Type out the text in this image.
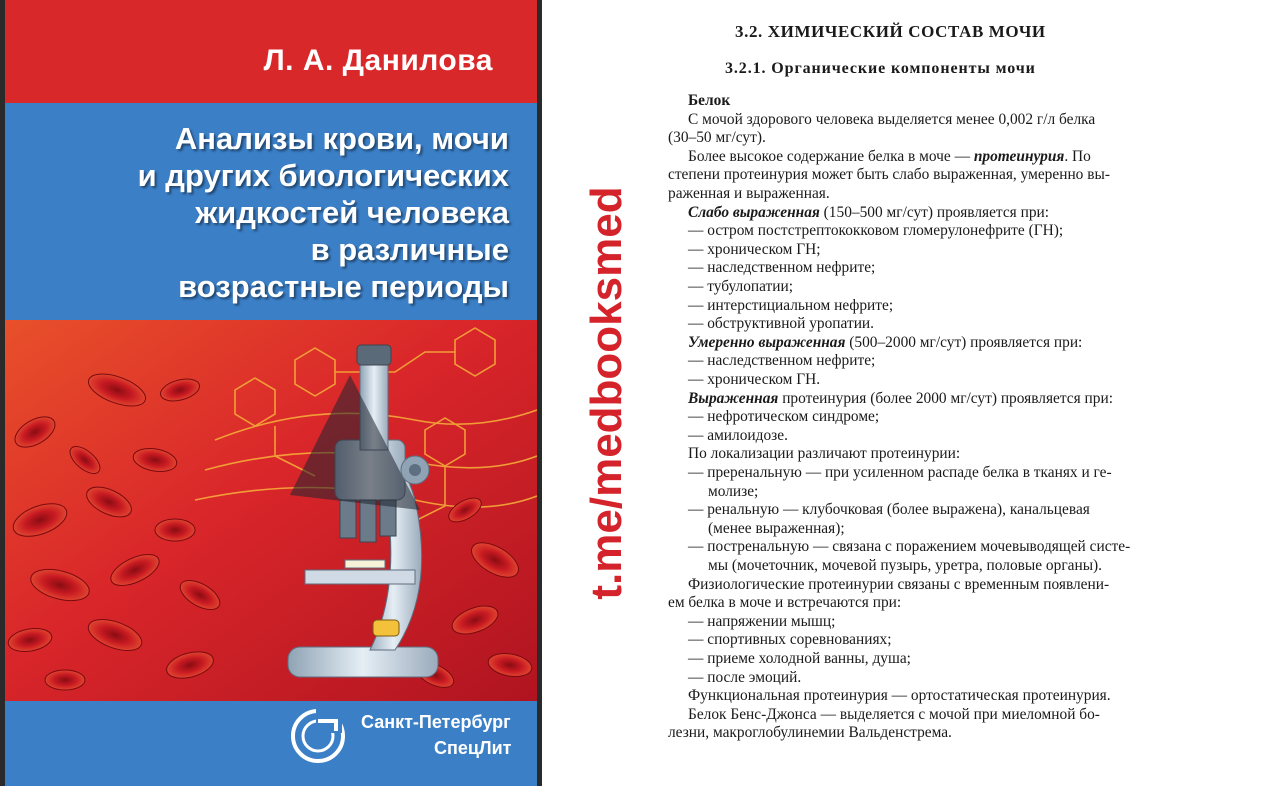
Л. А. Данилова
Анализы крови, мочи
и других биологических
жидкостей человека
в различные
возрастные периоды
Санкт-Петербург
СпецЛит
t.me/medbooksmed
3.2. ХИМИЧЕСКИЙ СОСТАВ МОЧИ
3.2.1. Органические компоненты мочи
Белок
С мочой здорового человека выделяется менее 0,002 г/л белка
(30–50 мг/сут).
Более высокое содержание белка в моче — протеинурия. По
степени протеинурия может быть слабо выраженная, умеренно вы-
раженная и выраженная.
Слабо выраженная (150–500 мг/сут) проявляется при:
— остром постстрептококковом гломерулонефрите (ГН);
— хроническом ГН;
— наследственном нефрите;
— тубулопатии;
— интерстициальном нефрите;
— обструктивной уропатии.
Умеренно выраженная (500–2000 мг/сут) проявляется при:
— наследственном нефрите;
— хроническом ГН.
Выраженная протеинурия (более 2000 мг/сут) проявляется при:
— нефротическом синдроме;
— амилоидозе.
По локализации различают протеинурии:
— преренальную — при усиленном распаде белка в тканях и ге-
молизе;
— ренальную — клубочковая (более выражена), канальцевая
(менее выраженная);
— постренальную — связана с поражением мочевыводящей систе-
мы (мочеточник, мочевой пузырь, уретра, половые органы).
Физиологические протеинурии связаны с временным появлени-
ем белка в моче и встречаются при:
— напряжении мышц;
— спортивных соревнованиях;
— приеме холодной ванны, душа;
— после эмоций.
Функциональная протеинурия — ортостатическая протеинурия.
Белок Бенс-Джонса — выделяется с мочой при миеломной бо-
лезни, макроглобулинемии Вальденстрема.
